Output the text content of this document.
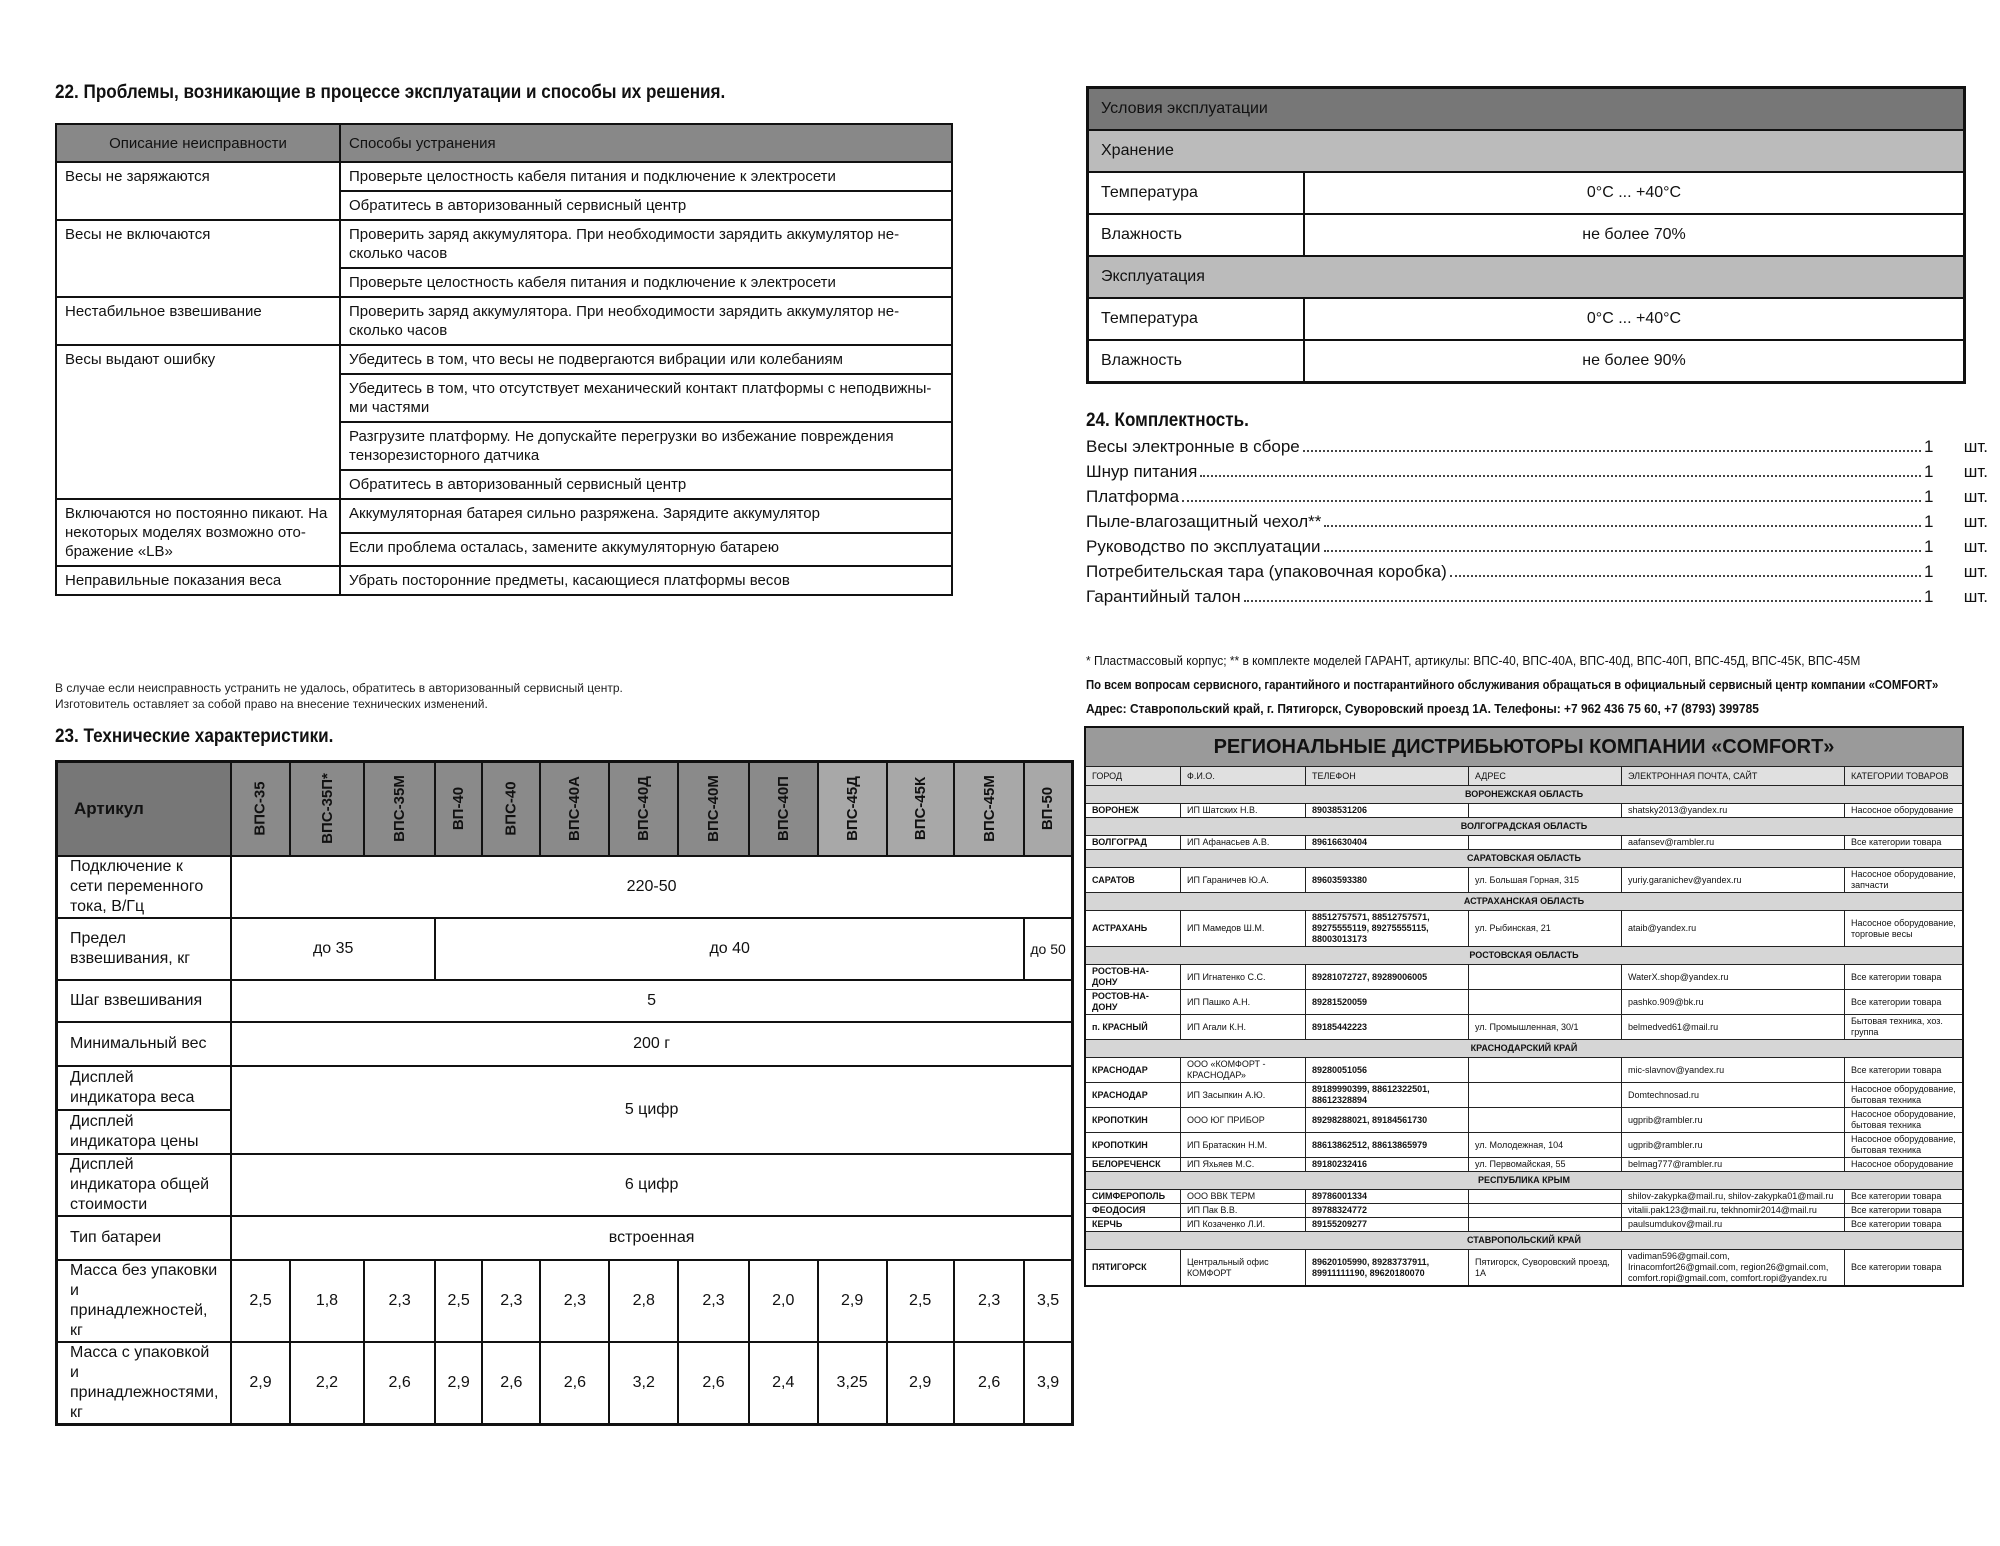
22. Проблемы, возникающие в процессе эксплуатации и способы их решения.
Описание неисправности	Способы устранения
Весы не заряжаются	Проверьте целостность кабеля питания и подключение к электросети
	Обратитесь в авторизованный сервисный центр
Весы не включаются	Проверить заряд аккумулятора. При необходимости зарядить аккумулятор не-сколько часов
	Проверьте целостность кабеля питания и подключение к электросети
Нестабильное взвешивание	Проверить заряд аккумулятора. При необходимости зарядить аккумулятор не-сколько часов
Весы выдают ошибку	Убедитесь в том, что весы не подвергаются вибрации или колебаниям
	Убедитесь в том, что отсутствует механический контакт платформы с неподвижны-ми частями
	Разгрузите платформу. Не допускайте перегрузки во избежание повреждения тензорезисторного датчика
	Обратитесь в авторизованный сервисный центр
Включаются но постоянно пикают. На некоторых моделях возможно ото-бражение «LB»	Аккумуляторная батарея сильно разряжена. Зарядите аккумулятор
	Если проблема осталась, замените аккумуляторную батарею
Неправильные показания веса	Убрать посторонние предметы, касающиеся платформы весов
В случае если неисправность устранить не удалось, обратитесь в авторизованный сервисный центр.
Изготовитель оставляет за собой право на внесение технических изменений.
23. Технические характеристики.
Артикул	ВПС-35	ВПС-35П*	ВПС-35М	ВП-40	ВПС-40	ВПС-40А	ВПС-40Д	ВПС-40М	ВПС-40П	ВПС-45Д	ВПС-45К	ВПС-45М	ВП-50
Подключение к сети переменного тока, В/Гц	220-50												
Предел взвешивания, кг	до 35			до 40									до 50
Шаг взвешивания	5												
Минимальный вес	200 г												
Дисплей индикатора веса	5 цифр												
Дисплей индикатора цены													
Дисплей индикатора общей стоимости	6 цифр												
Тип батареи	встроенная												
Масса без упаковки и принадлежностей, кг	2,5	1,8	2,3	2,5	2,3	2,3	2,8	2,3	2,0	2,9	2,5	2,3	3,5
Масса с упаковкой и принадлежностями, кг	2,9	2,2	2,6	2,9	2,6	2,6	3,2	2,6	2,4	3,25	2,9	2,6	3,9
Условия эксплуатации	
Хранение	
Температура	0°С ... +40°С
Влажность	не более 70%
Эксплуатация	
Температура	0°С ... +40°С
Влажность	не более 90%
24. Комплектность.
Весы электронные в сборе	1	шт.
Шнур питания	1	шт.
Платформа	1	шт.
Пыле-влагозащитный чехол**	1	шт.
Руководство по эксплуатации	1	шт.
Потребительская тара (упаковочная коробка)	1	шт.
Гарантийный талон	1	шт.
* Пластмассовый корпус; ** в комплекте моделей ГАРАНТ, артикулы: ВПС-40, ВПС-40А, ВПС-40Д, ВПС-40П, ВПС-45Д, ВПС-45К, ВПС-45М
По всем вопросам сервисного, гарантийного и постгарантийного обслуживания обращаться в официальный сервисный центр компании «COMFORT»
Адрес: Ставропольский край, г. Пятигорск, Суворовский проезд 1А. Телефоны: +7 962 436 75 60, +7 (8793) 399785
РЕГИОНАЛЬНЫЕ ДИСТРИБЬЮТОРЫ КОМПАНИИ «COMFORT»					
ГОРОД	Ф.И.О.	ТЕЛЕФОН	АДРЕС	ЭЛЕКТРОННАЯ ПОЧТА, САЙТ	КАТЕГОРИИ ТОВАРОВ
ВОРОНЕЖСКАЯ ОБЛАСТЬ					
ВОРОНЕЖ	ИП Шатских Н.В.	89038531206		shatsky2013@yandex.ru	Насосное оборудование
ВОЛГОГРАДСКАЯ ОБЛАСТЬ					
ВОЛГОГРАД	ИП Афанасьев А.В.	89616630404		aafansev@rambler.ru	Все категории товара
САРАТОВСКАЯ ОБЛАСТЬ					
САРАТОВ	ИП Гараничев Ю.А.	89603593380	ул. Большая Горная, 315	yuriy.garanichev@yandex.ru	Насосное оборудование, запчасти
АСТРАХАНСКАЯ ОБЛАСТЬ					
АСТРАХАНЬ	ИП Мамедов Ш.М.	88512757571, 88512757571, 89275555119, 89275555115, 88003013173	ул. Рыбинская, 21	ataib@yandex.ru	Насосное оборудование, торговые весы
РОСТОВСКАЯ ОБЛАСТЬ					
РОСТОВ-НА-ДОНУ	ИП Игнатенко С.С.	89281072727, 89289006005		WaterX.shop@yandex.ru	Все категории товара
РОСТОВ-НА-ДОНУ	ИП Пашко А.Н.	89281520059		pashko.909@bk.ru	Все категории товара
п. КРАСНЫЙ	ИП Агали К.Н.	89185442223	ул. Промышленная, 30/1	belmedved61@mail.ru	Бытовая техника, хоз. группа
КРАСНОДАРСКИЙ КРАЙ					
КРАСНОДАР	ООО «КОМФОРТ - КРАСНОДАР»	89280051056		mic-slavnov@yandex.ru	Все категории товара
КРАСНОДАР	ИП Засыпкин А.Ю.	89189990399, 88612322501, 88612328894		Domtechnosad.ru	Насосное оборудование, бытовая техника
КРОПОТКИН	ООО ЮГ ПРИБОР	89298288021, 89184561730		ugprib@rambler.ru	Насосное оборудование, бытовая техника
КРОПОТКИН	ИП Братаскин Н.М.	88613862512, 88613865979	ул. Молодежная, 104	ugprib@rambler.ru	Насосное оборудование, бытовая техника
БЕЛОРЕЧЕНСК	ИП Яхьяев М.С.	89180232416	ул. Первомайская, 55	belmag777@rambler.ru	Насосное оборудование
РЕСПУБЛИКА КРЫМ					
СИМФЕРОПОЛЬ	ООО ВВК ТЕРМ	89786001334		shilov-zakypka@mail.ru, shilov-zakypka01@mail.ru	Все категории товара
ФЕОДОСИЯ	ИП Пак В.В.	89788324772		vitalii.pak123@mail.ru, tekhnomir2014@mail.ru	Все категории товара
КЕРЧЬ	ИП Козаченко Л.И.	89155209277		paulsumdukov@mail.ru	Все категории товара
СТАВРОПОЛЬСКИЙ КРАЙ					
ПЯТИГОРСК	Центральный офис КОМФОРТ	89620105990, 89283737911, 89911111190, 89620180070	Пятигорск, Суворовский проезд, 1А	vadiman596@gmail.com, Irinacomfort26@gmail.com, region26@gmail.com, comfort.ropi@gmail.com, comfort.ropi@yandex.ru	Все категории товара
